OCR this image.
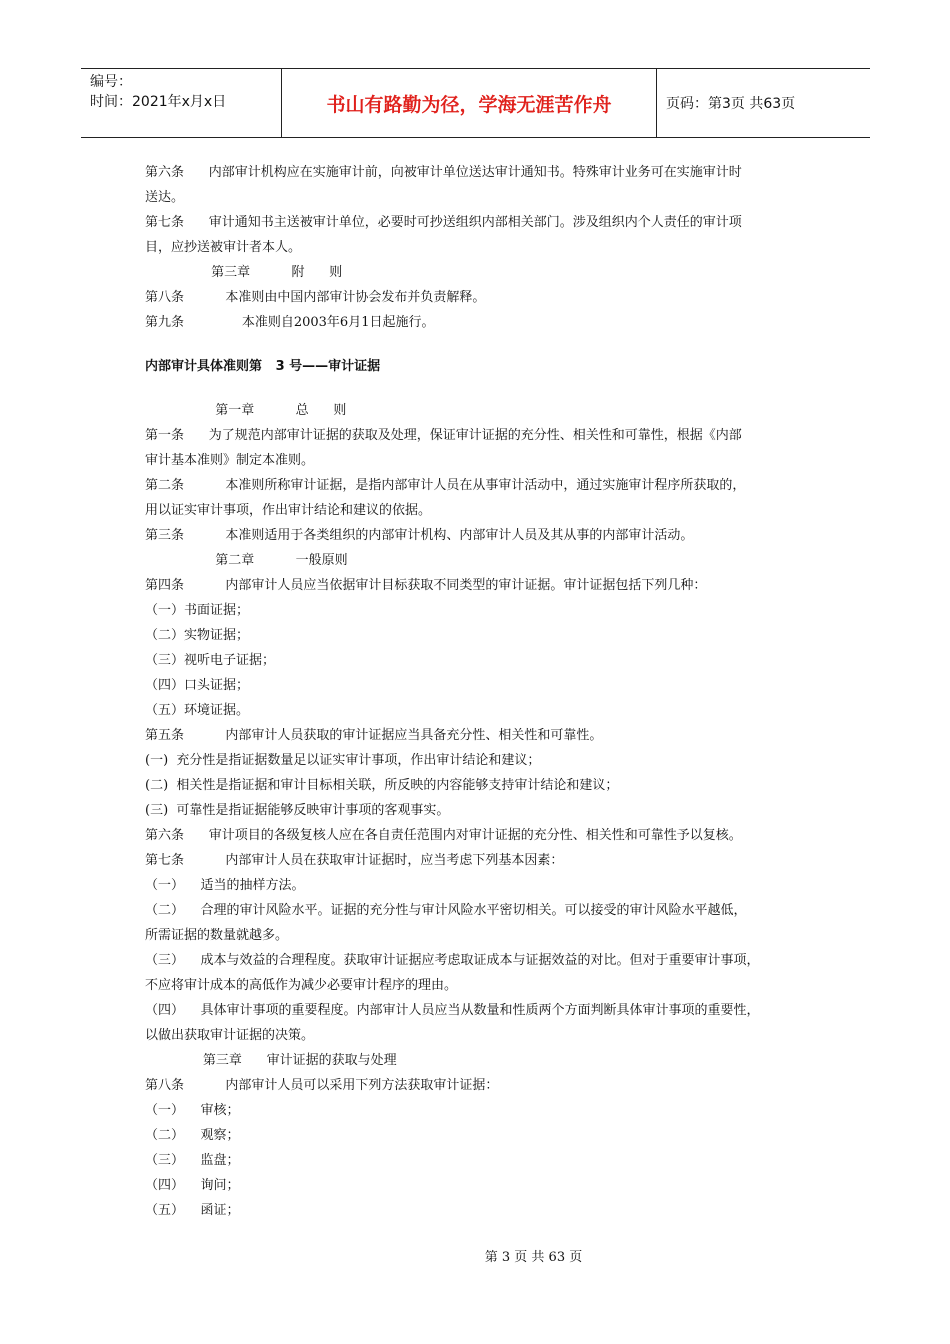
编号：
时间：2021年x月x日	书山有路勤为径，学海无涯苦作舟	页码：第3页 共63页
第六条      内部审计机构应在实施审计前，向被审计单位送达审计通知书。特殊审计业务可在实施审计时
送达。
第七条      审计通知书主送被审计单位，必要时可抄送组织内部相关部门。涉及组织内个人责任的审计项
目，应抄送被审计者本人。
第三章          附      则
第八条          本准则由中国内部审计协会发布并负责解释。
第九条              本准则自2003年6月1日起施行。
内部审计具体准则第   3 号——审计证据
第一章          总      则
第一条      为了规范内部审计证据的获取及处理，保证审计证据的充分性、相关性和可靠性，根据《内部
审计基本准则》制定本准则。
第二条          本准则所称审计证据，是指内部审计人员在从事审计活动中，通过实施审计程序所获取的，
用以证实审计事项，作出审计结论和建议的依据。
第三条          本准则适用于各类组织的内部审计机构、内部审计人员及其从事的内部审计活动。
第二章          一般原则
第四条          内部审计人员应当依据审计目标获取不同类型的审计证据。审计证据包括下列几种：
（一）书面证据；
（二）实物证据；
（三）视听电子证据；
（四）口头证据；
（五）环境证据。
第五条          内部审计人员获取的审计证据应当具备充分性、相关性和可靠性。
(一)  充分性是指证据数量足以证实审计事项，作出审计结论和建议；
(二)  相关性是指证据和审计目标相关联，所反映的内容能够支持审计结论和建议；
(三)  可靠性是指证据能够反映审计事项的客观事实。
第六条      审计项目的各级复核人应在各自责任范围内对审计证据的充分性、相关性和可靠性予以复核。
第七条          内部审计人员在获取审计证据时，应当考虑下列基本因素：
（一）    适当的抽样方法。
（二）    合理的审计风险水平。证据的充分性与审计风险水平密切相关。可以接受的审计风险水平越低，
所需证据的数量就越多。
（三）    成本与效益的合理程度。获取审计证据应考虑取证成本与证据效益的对比。但对于重要审计事项，
不应将审计成本的高低作为减少必要审计程序的理由。
（四）    具体审计事项的重要程度。内部审计人员应当从数量和性质两个方面判断具体审计事项的重要性，
以做出获取审计证据的决策。
第三章      审计证据的获取与处理
第八条          内部审计人员可以采用下列方法获取审计证据：
（一）    审核；
（二）    观察；
（三）    监盘；
（四）    询问；
（五）    函证；
第 3 页 共 63 页
